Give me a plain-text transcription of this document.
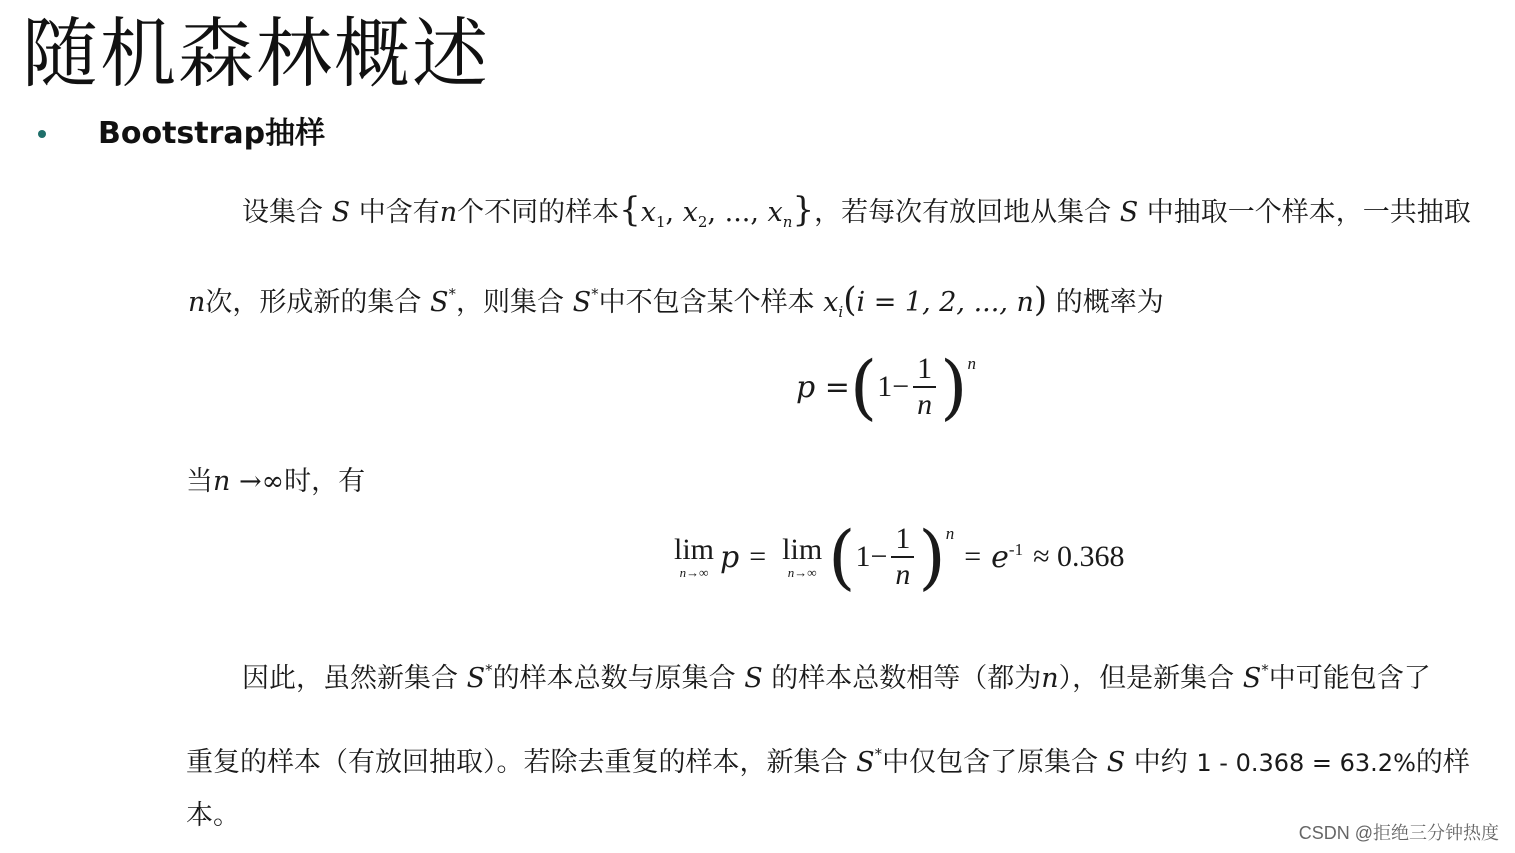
随机森林概述
Bootstrap抽样

设集合 S 中含有n个不同的样本{$x_1$, $x_2$, ..., $x_n$}，若每次有放回地从集合 S 中抽取一个样本，一共抽取

n次，形成新的集合 S*，则集合 S*中不包含某个样本 $x_i(i = 1$, 2, ..., n) 的概率为

p = ( $1 - \frac{1}{n}$ ) n

当n →∞时，有

lim
n→∞ p = lim
n→∞ ( $1 - \frac{1}{n}$ ) n
= e -1 ≈ 0.368

因此，虽然新集合 S*的样本总数与原集合 S 的样本总数相等（都为n），但是新集合 S*中可能包含了

重复的样本（有放回抽取）。若除去重复的样本，新集合 S*中仅包含了原集合 S 中约 1 - 0.368 = 63.2%的样

本。

CSDN @拒绝三分钟热度
